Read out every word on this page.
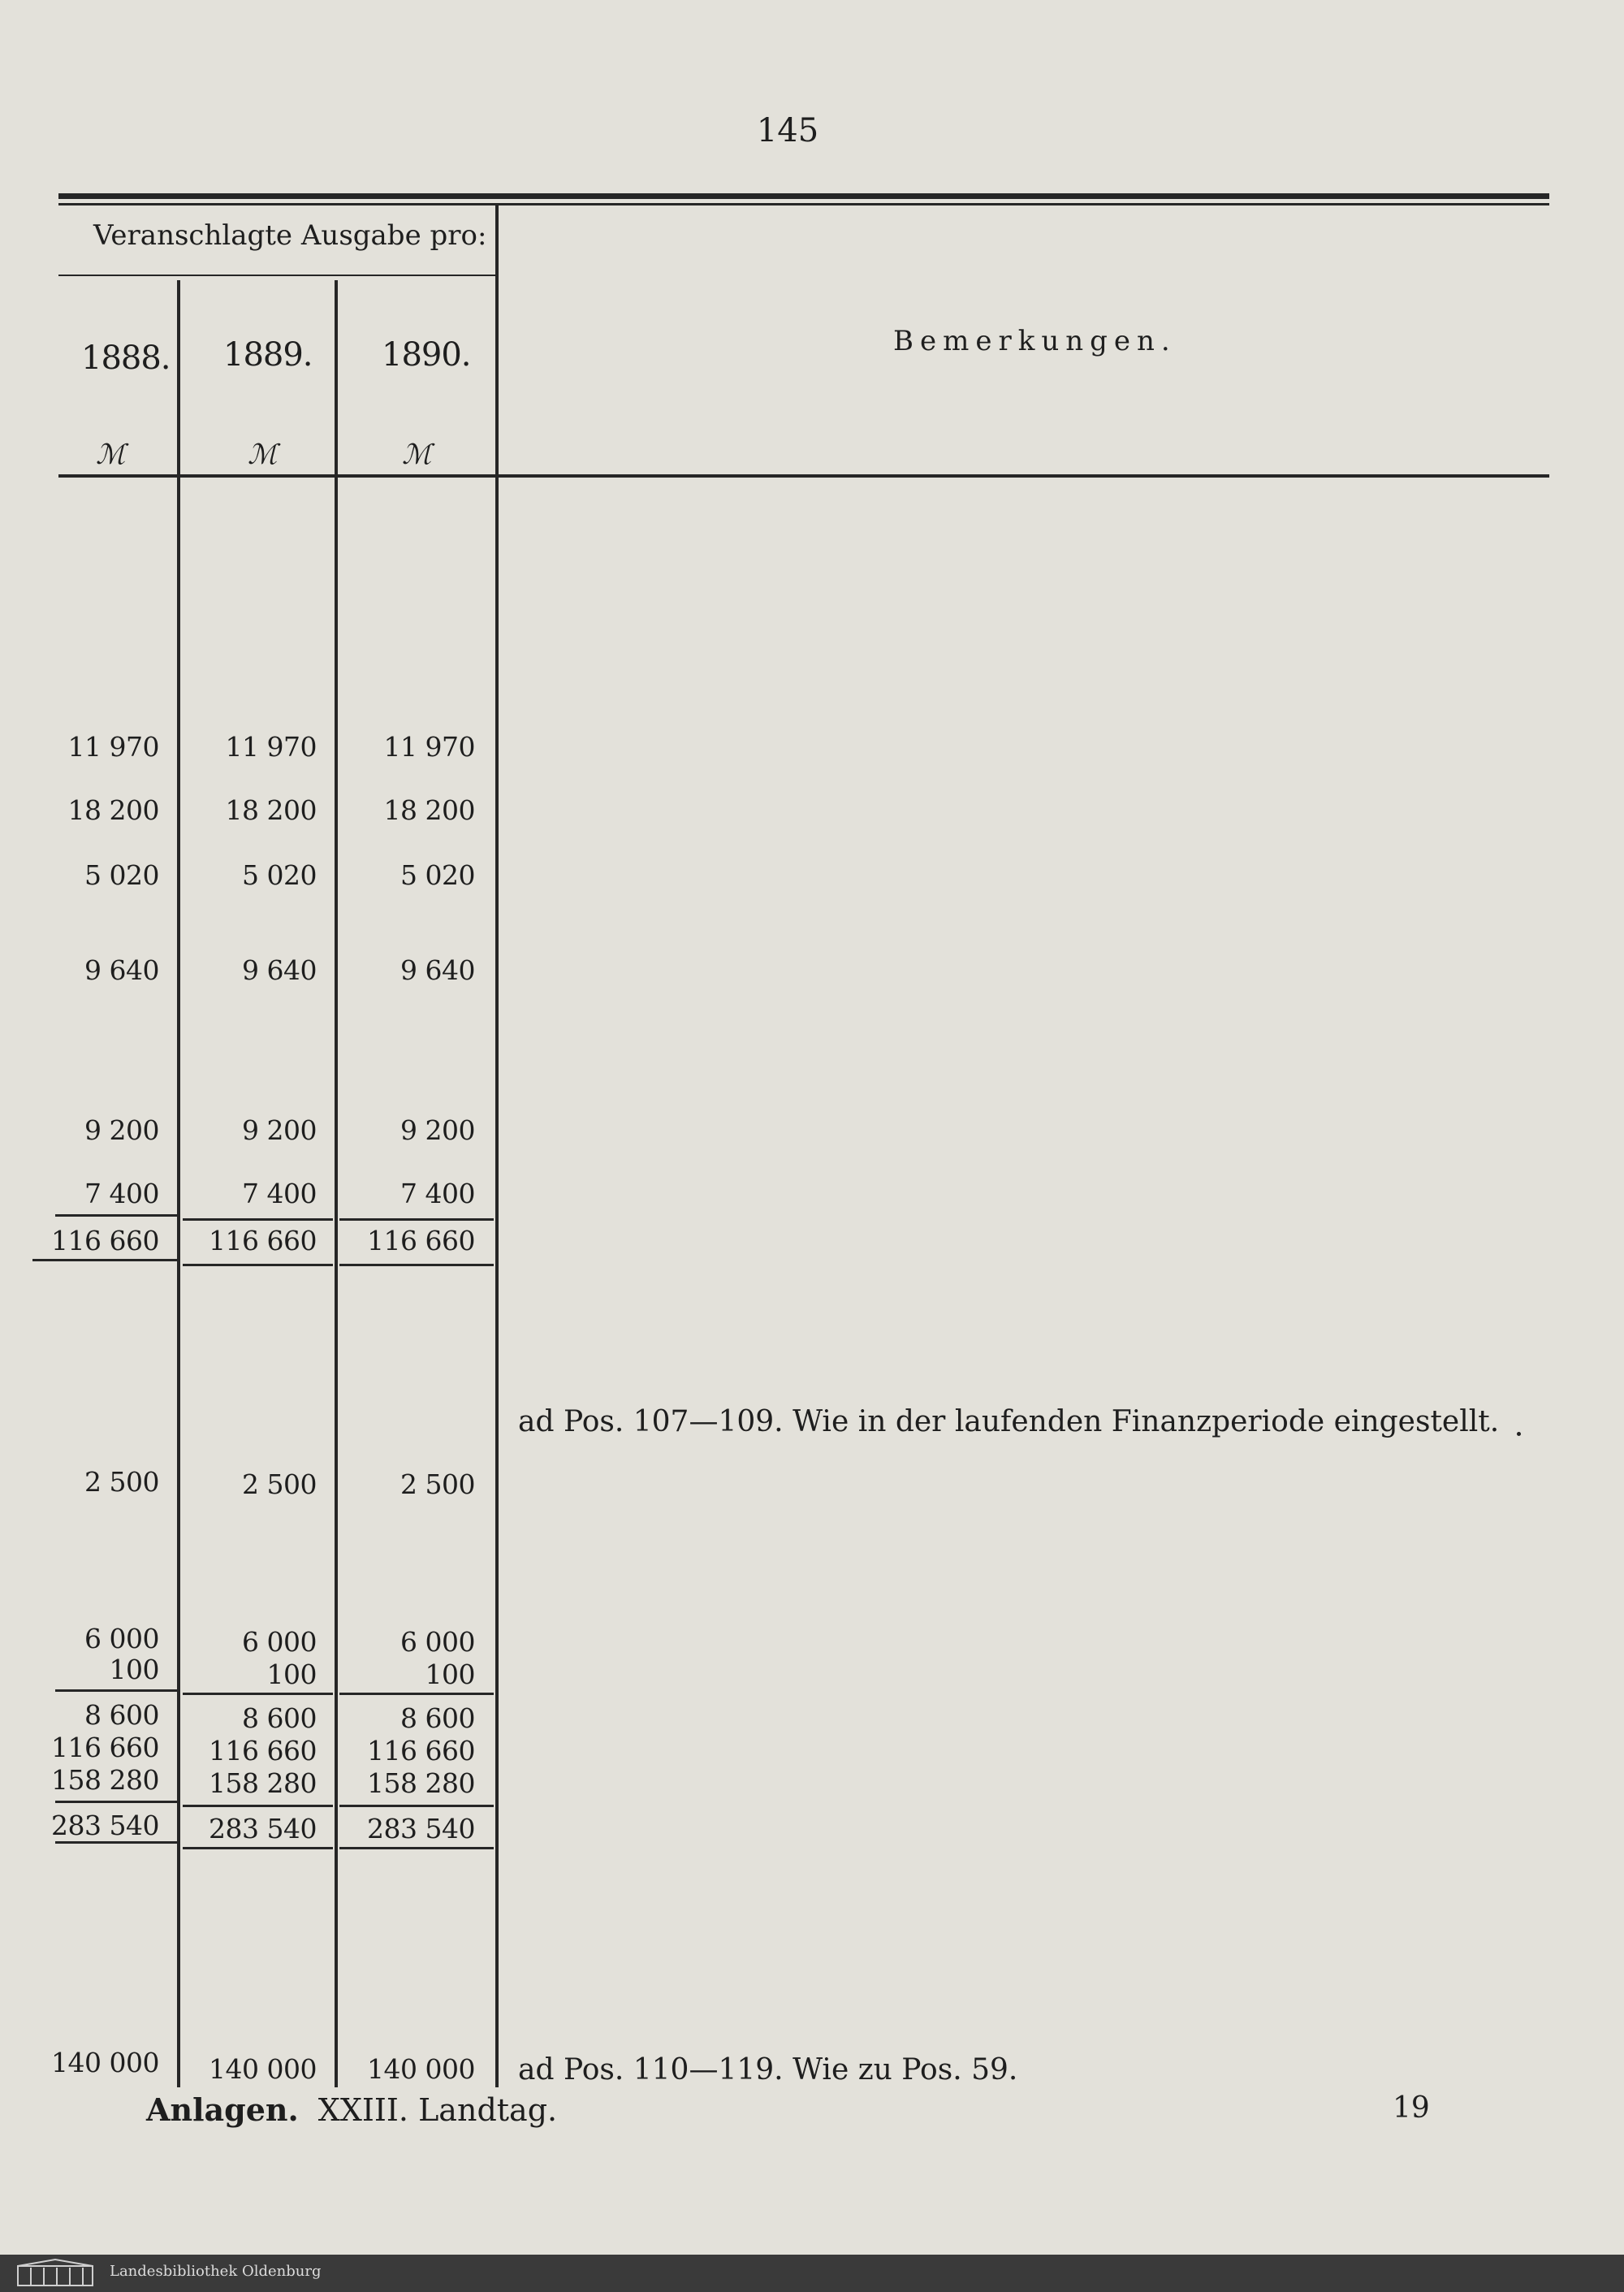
145
Veranschlagte Ausgabe pro:
1888. 1889. 1890.
ℳ	ℳ	ℳ
Bemerkungen.
11 970	11 970	11 970
18 200	18 200	18 200
5 020	5 020	5 020
9 640	9 640	9 640
9 200	9 200	9 200
7 400	7 400	7 400
116 660	116 660	116 660
2 500	2 500	2 500
6 000	6 000	6 000
100	100	100
8 600	8 600	8 600
116 660	116 660	116 660
158 280	158 280	158 280
283 540	283 540	283 540
140 000	140 000	140 000
ad Pos. 107—109. Wie in der laufenden Finanzperiode eingestellt.
ad Pos. 110—119. Wie zu Pos. 59.
Anlagen. XXIII. Landtag.	19
Landesbibliothek Oldenburg
